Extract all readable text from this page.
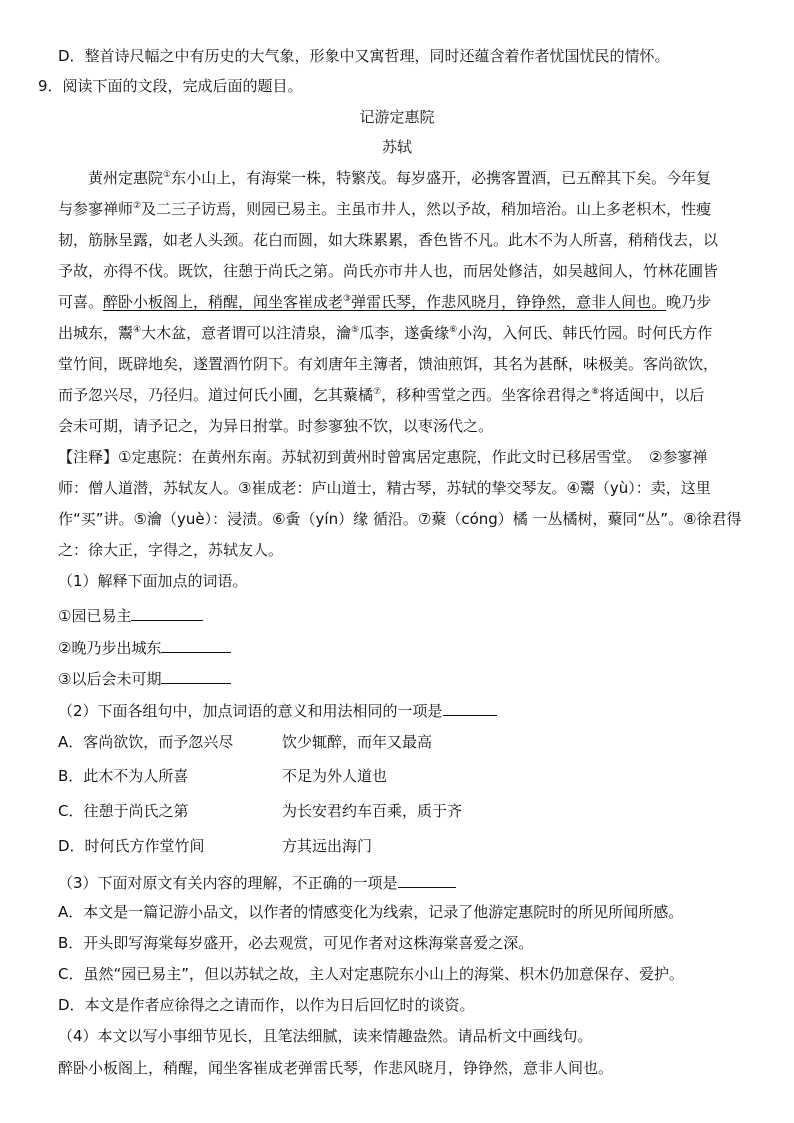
D．整首诗尺幅之中有历史的大气象，形象中又寓哲理，同时还蕴含着作者忧国忧民的情怀。
9．阅读下面的文段，完成后面的题目。
记游定惠院
苏轼
黄州定惠院①东小山上，有海棠一株，特繁茂。每岁盛开，必携客置酒，已五醉其下矣。今年复
与参寥禅师②及二三子访焉，则园已易主。主虽市井人，然以予故，稍加培治。山上多老枳木，性瘦
韧，筋脉呈露，如老人头颈。花白而圆，如大珠累累，香色皆不凡。此木不为人所喜，稍稍伐去，以
予故，亦得不伐。既饮，往憩于尚氏之第。尚氏亦市井人也，而居处修洁，如吴越间人，竹林花圃皆
可喜。醉卧小板阁上，稍醒，闻坐客崔成老③弹雷氏琴，作悲风晓月，铮铮然，意非人间也。晚乃步
出城东，鬻④大木盆，意者谓可以注清泉，瀹⑤瓜李，遂夤缘⑥小沟，入何氏、韩氏竹园。时何氏方作
堂竹间，既辟地矣，遂置酒竹阴下。有刘唐年主簿者，馈油煎饵，其名为甚酥，味极美。客尚欲饮，
而予忽兴尽，乃径归。道过何氏小圃，乞其藂橘⑦，移种雪堂之西。坐客徐君得之⑧将适闽中，以后
会未可期，请予记之，为异日拊掌。时参寥独不饮，以枣汤代之。
【注释】①定惠院：在黄州东南。苏轼初到黄州时曾寓居定惠院，作此文时已移居雪堂。　②参寥禅
师：僧人道潜，苏轼友人。③崔成老：庐山道士，精古琴，苏轼的挚交琴友。④鬻（yù）：卖，这里
作“买”讲。⑤瀹（yuè）：浸渍。⑥夤（yín）缘 循沿。⑦藂（cóng）橘 一丛橘树，藂同“丛”。⑧徐君得
之：徐大正，字得之，苏轼友人。
（1）解释下面加点的词语。
①园已易主
②晚乃步出城东
③以后会未可期
（2）下面各组句中，加点词语的意义和用法相同的一项是
A．客尚欲饮，而予忽兴尽	饮少辄醉，而年又最高
B．此木不为人所喜	不足为外人道也
C．往憩于尚氏之第	为长安君约车百乘，质于齐
D．时何氏方作堂竹间	方其远出海门
（3）下面对原文有关内容的理解，不正确的一项是
A．本文是一篇记游小品文，以作者的情感变化为线索，记录了他游定惠院时的所见所闻所感。
B．开头即写海棠每岁盛开，必去观赏，可见作者对这株海棠喜爱之深。
C．虽然“园已易主”，但以苏轼之故，主人对定惠院东小山上的海棠、枳木仍加意保存、爱护。
D．本文是作者应徐得之之请而作，以作为日后回忆时的谈资。
（4）本文以写小事细节见长，且笔法细腻，读来情趣盎然。请品析文中画线句。
醉卧小板阁上，稍醒，闻坐客崔成老弹雷氏琴，作悲风晓月，铮铮然，意非人间也。
